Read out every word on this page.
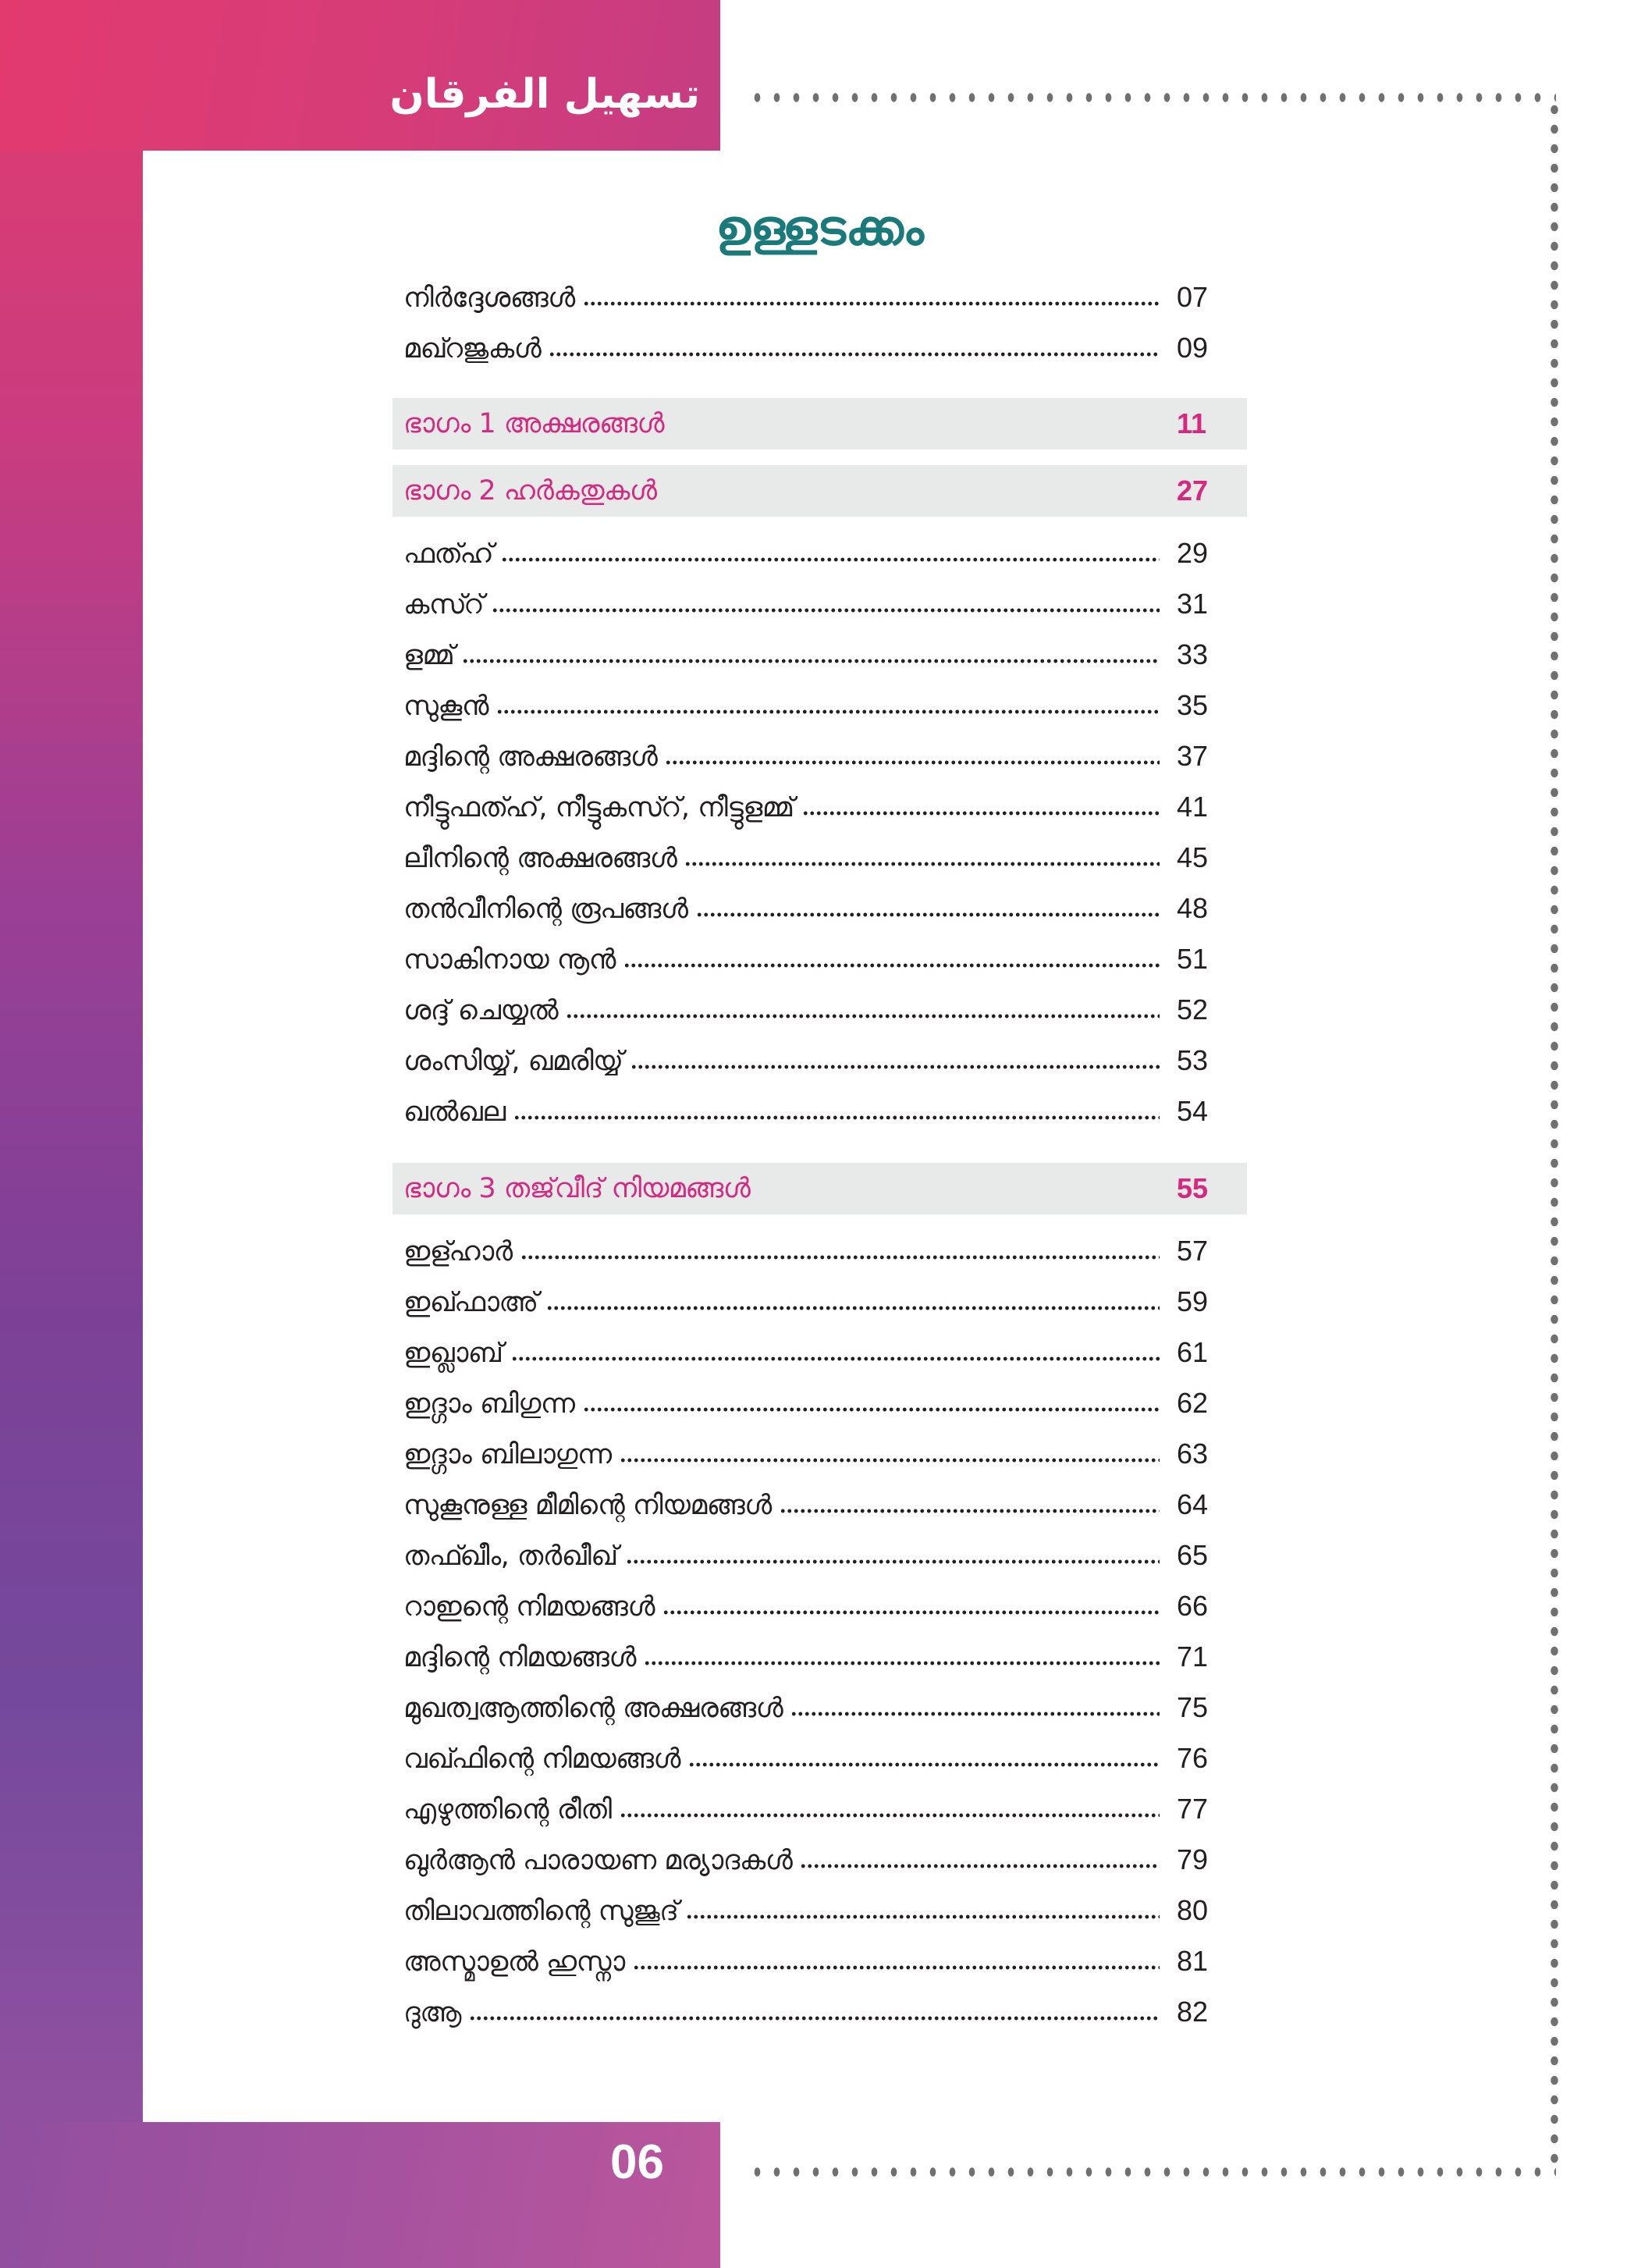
تسهيل الفرقان
ഉള്ളടക്കം
നിർദ്ദേശങ്ങൾ	07
മഖ്റജുകൾ	09
ഭാഗം 1 അക്ഷരങ്ങൾ	11
ഭാഗം 2 ഹർകതുകൾ	27
ഫത്ഹ്	29
കസ്റ്	31
ളമ്മ്	33
സുകൂൻ	35
മദ്ദിന്റെ അക്ഷരങ്ങൾ	37
നീട്ടുഫത്ഹ്, നീട്ടുകസ്റ്, നീട്ടുളമ്മ്	41
ലീനിന്റെ അക്ഷരങ്ങൾ	45
തൻവീനിന്റെ രൂപങ്ങൾ	48
സാകിനായ നൂൻ	51
ശദ്ദ് ചെയ്യൽ	52
ശംസിയ്യ്, ഖമരിയ്യ്	53
ഖൽഖല	54
ഭാഗം 3 തജ്‌വീദ് നിയമങ്ങൾ	55
ഇള്ഹാർ	57
ഇഖ്ഫാഅ്	59
ഇഖ്ലാബ്	61
ഇദ്ഗാം ബിഗുന്ന	62
ഇദ്ഗാം ബിലാഗുന്ന	63
സുകൂനുള്ള മീമിന്റെ നിയമങ്ങൾ	64
തഫ്ഖീം, തർഖീഖ്	65
റാഇന്റെ നിമയങ്ങൾ	66
മദ്ദിന്റെ നിമയങ്ങൾ	71
മുഖത്വആത്തിന്റെ അക്ഷരങ്ങൾ	75
വഖ്ഫിന്റെ നിമയങ്ങൾ	76
എഴുത്തിന്റെ രീതി	77
ഖുർആൻ പാരായണ മര്യാദകൾ	79
തിലാവത്തിന്റെ സുജൂദ്	80
അസ്മാഉൽ ഹുസ്നാ	81
ദുആ	82
06
